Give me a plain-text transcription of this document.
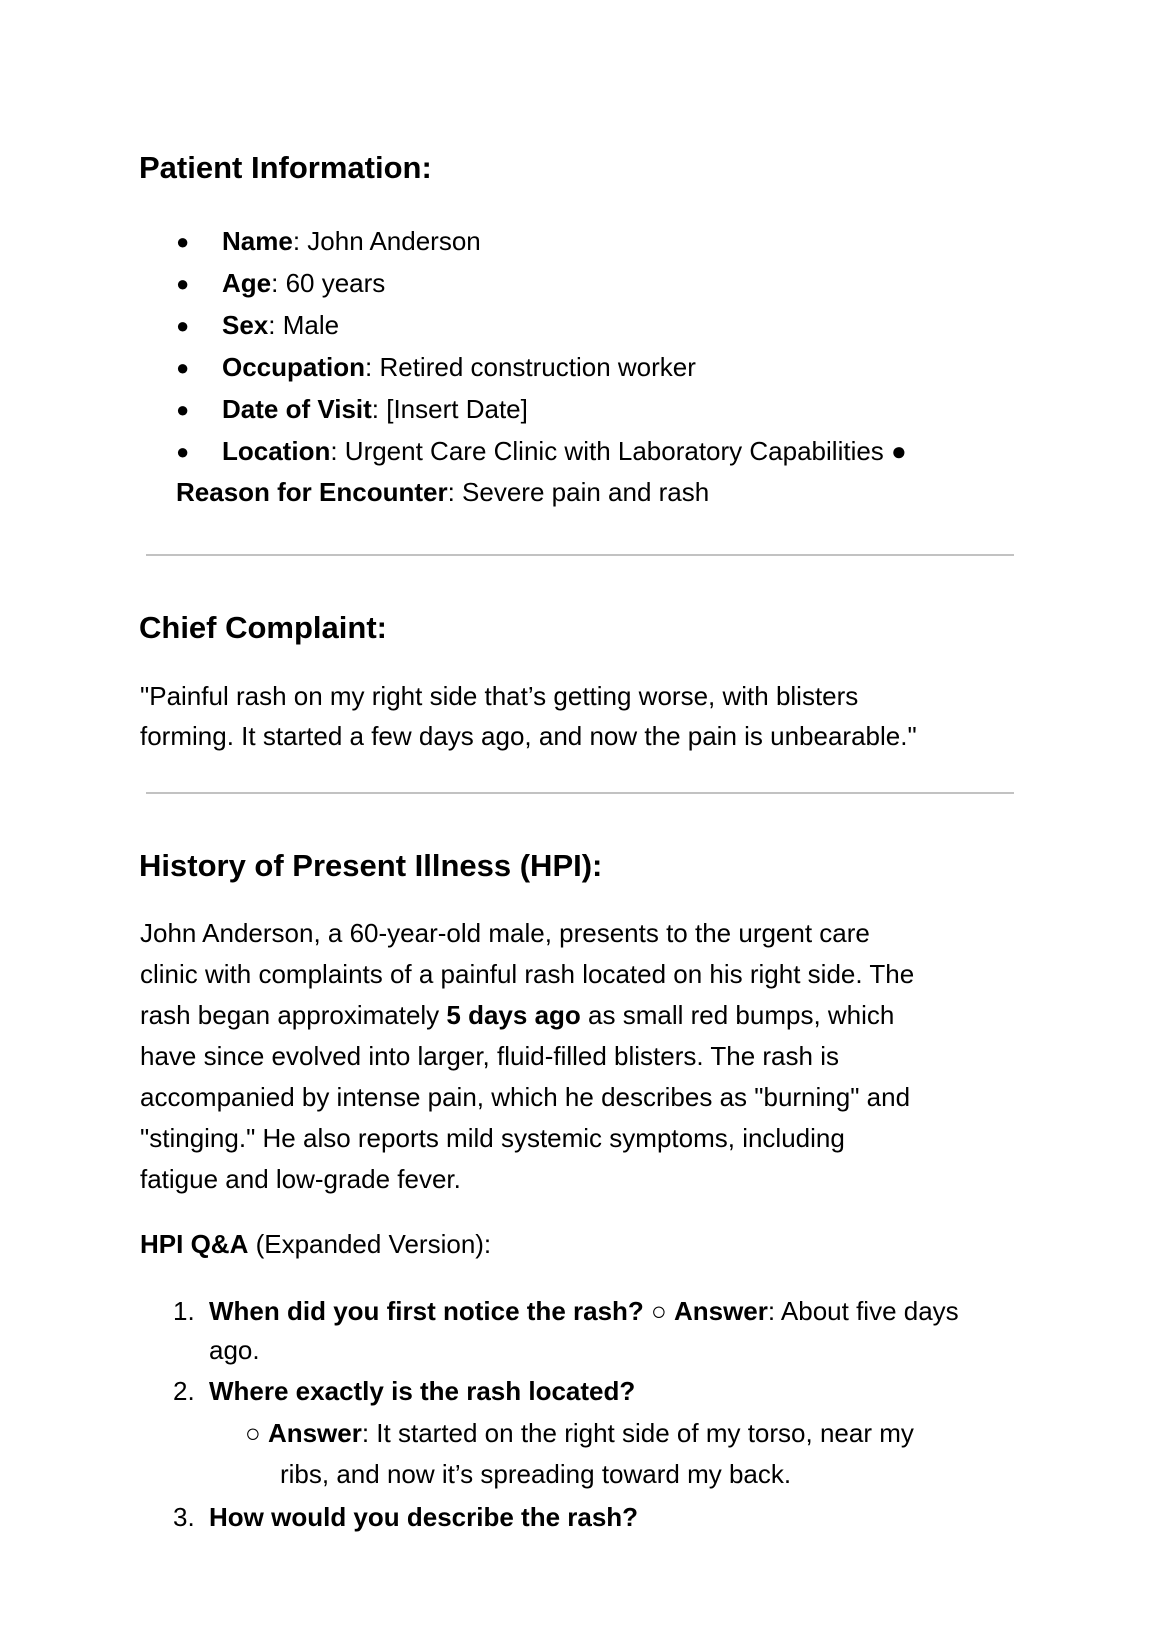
Patient Information:
● Name: John Anderson

● Age: 60 years

● Sex: Male

● Occupation: Retired construction worker

● Date of Visit: [Insert Date]

● Location: Urgent Care Clinic with Laboratory Capabilities ●

Reason for Encounter: Severe pain and rash

Chief Complaint:

"Painful rash on my right side that’s getting worse, with blisters

forming. It started a few days ago, and now the pain is unbearable."

History of Present Illness (HPI):

John Anderson, a 60-year-old male, presents to the urgent care

clinic with complaints of a painful rash located on his right side. The

rash began approximately 5 days ago as small red bumps, which

have since evolved into larger, fluid-filled blisters. The rash is

accompanied by intense pain, which he describes as "burning" and

"stinging." He also reports mild systemic symptoms, including

fatigue and low-grade fever.

HPI Q&A (Expanded Version):

1. When did you first notice the rash? ○ Answer: About five days

ago.

2. Where exactly is the rash located?

○ Answer: It started on the right side of my torso, near my

ribs, and now it’s spreading toward my back.

3. How would you describe the rash?
